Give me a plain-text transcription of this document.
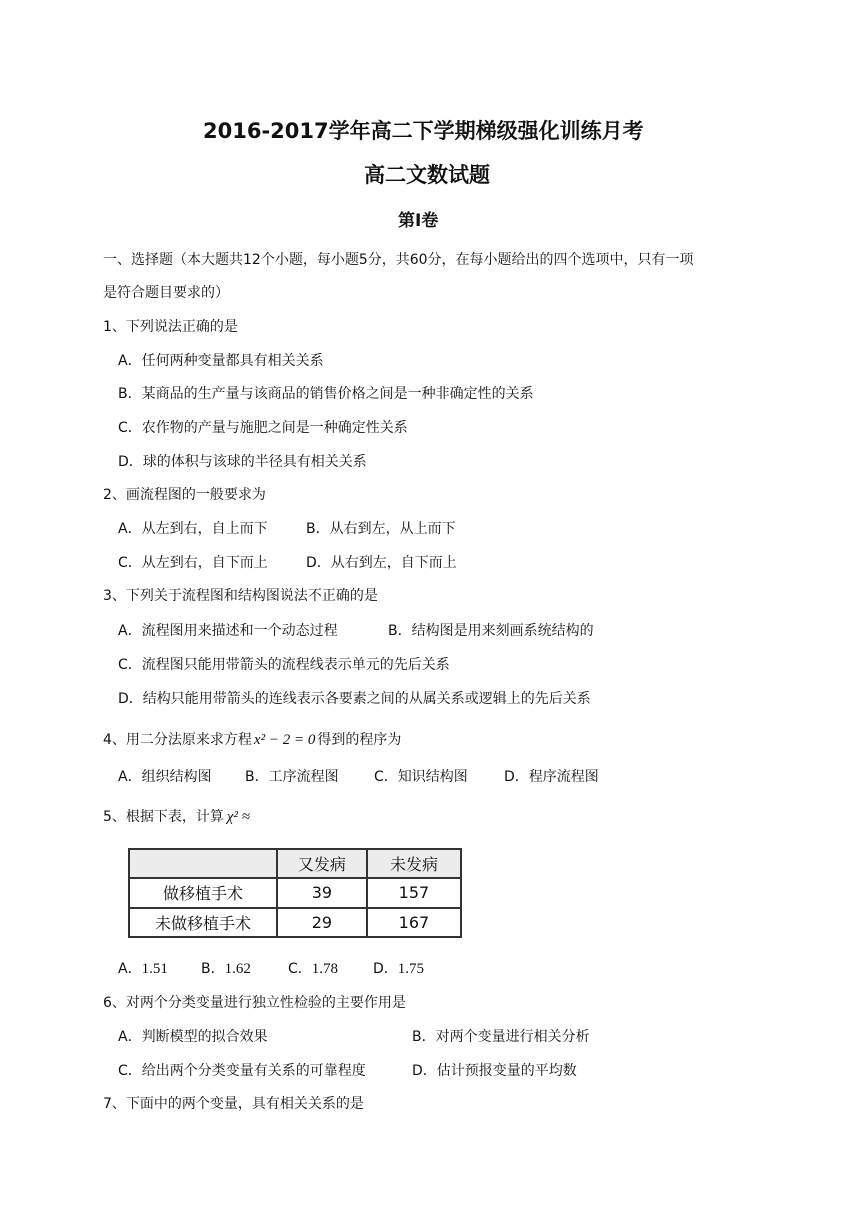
2016-2017学年高二下学期梯级强化训练月考
高二文数试题
第Ⅰ卷
一、选择题（本大题共12个小题，每小题5分，共60分，在每小题给出的四个选项中，只有一项
是符合题目要求的）
1、下列说法正确的是
A．任何两种变量都具有相关关系
B．某商品的生产量与该商品的销售价格之间是一种非确定性的关系
C．农作物的产量与施肥之间是一种确定性关系
D．球的体积与该球的半径具有相关关系
2、画流程图的一般要求为
A．从左到右，自上而下	B．从右到左，从上而下
C．从左到右，自下而上	D．从右到左，自下而上
3、下列关于流程图和结构图说法不正确的是
A．流程图用来描述和一个动态过程	B．结构图是用来刻画系统结构的
C．流程图只能用带箭头的流程线表示单元的先后关系
D．结构只能用带箭头的连线表示各要素之间的从属关系或逻辑上的先后关系
4、用二分法原来求方程 x² − 2 = 0 得到的程序为
A．组织结构图 B．工序流程图	C．知识结构图	D．程序流程图
5、根据下表，计算 χ² ≈
	又发病	未发病
做移植手术	39	157
未做移植手术	29	167
A．1.51 B．1.62	C．1.78 D．1.75
6、对两个分类变量进行独立性检验的主要作用是
A．判断模型的拟合效果	B．对两个变量进行相关分析
C．给出两个分类变量有关系的可靠程度	D．估计预报变量的平均数
7、下面中的两个变量，具有相关关系的是
